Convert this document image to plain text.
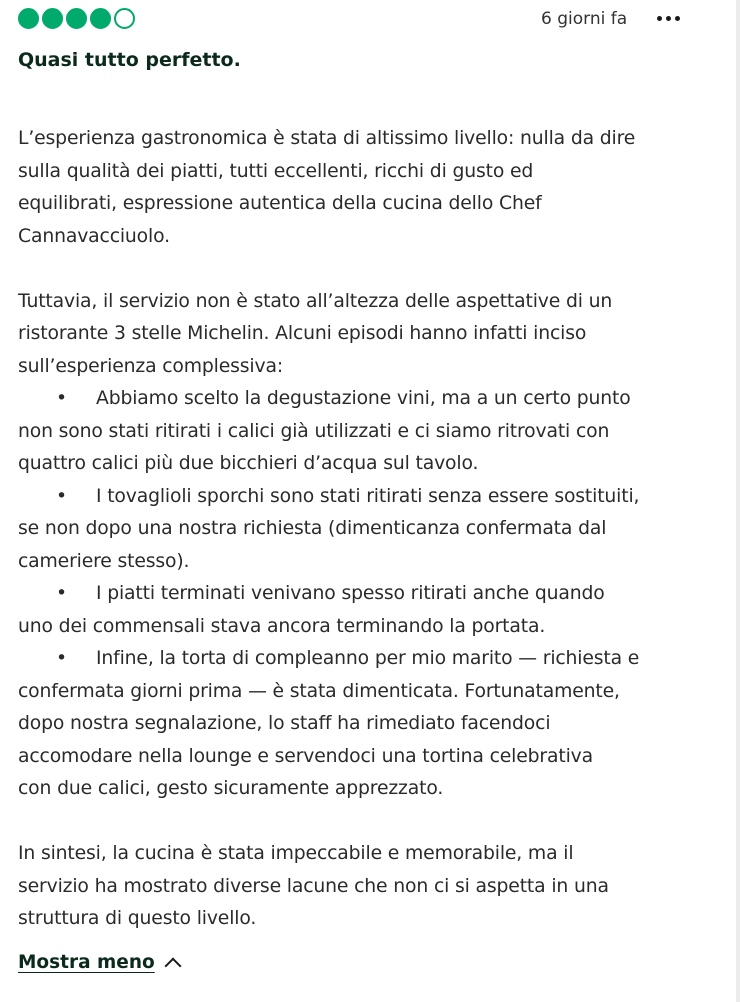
6 giorni fa
Quasi tutto perfetto.
L’esperienza gastronomica è stata di altissimo livello: nulla da dire
sulla qualità dei piatti, tutti eccellenti, ricchi di gusto ed
equilibrati, espressione autentica della cucina dello Chef
Cannavacciuolo.
Tuttavia, il servizio non è stato all’altezza delle aspettative di un
ristorante 3 stelle Michelin. Alcuni episodi hanno infatti inciso
sull’esperienza complessiva:
• Abbiamo scelto la degustazione vini, ma a un certo punto
non sono stati ritirati i calici già utilizzati e ci siamo ritrovati con
quattro calici più due bicchieri d’acqua sul tavolo.
• I tovaglioli sporchi sono stati ritirati senza essere sostituiti,
se non dopo una nostra richiesta (dimenticanza confermata dal
cameriere stesso).
• I piatti terminati venivano spesso ritirati anche quando
uno dei commensali stava ancora terminando la portata.
• Infine, la torta di compleanno per mio marito — richiesta e
confermata giorni prima — è stata dimenticata. Fortunatamente,
dopo nostra segnalazione, lo staff ha rimediato facendoci
accomodare nella lounge e servendoci una tortina celebrativa
con due calici, gesto sicuramente apprezzato.
In sintesi, la cucina è stata impeccabile e memorabile, ma il
servizio ha mostrato diverse lacune che non ci si aspetta in una
struttura di questo livello.
Mostra meno
